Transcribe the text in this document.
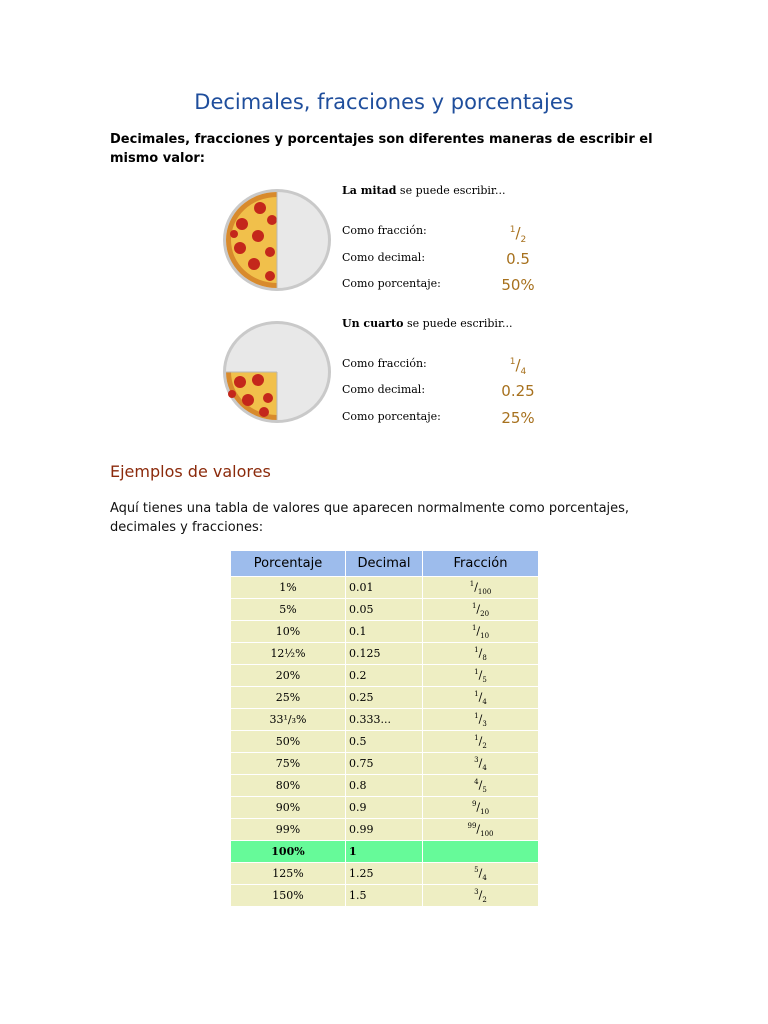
Decimales, fracciones y porcentajes

Decimales, fracciones y porcentajes son diferentes maneras de escribir el mismo valor:

La mitad se puede escribir...
Como fracción:	$^1/_2$
Como decimal:	0.5
Como porcentaje:	50%
Un cuarto se puede escribir...
Como fracción:	$^1/_4$
Como decimal:	0.25
Como porcentaje:	25%
Ejemplos de valores

Aquí tienes una tabla de valores que aparecen normalmente como porcentajes, decimales y fracciones:

Porcentaje	Decimal	Fracción
1%	0.01	$^1/_{100}$
5%	0.05	$^1/_{20}$
10%	0.1	$^1/_{10}$
12½%	0.125	$^1/_8$
20%	0.2	$^1/_5$
25%	0.25	$^1/_4$
33¹/₃%	0.333...	$^1/_3$
50%	0.5	$^1/_2$
75%	0.75	$^3/_4$
80%	0.8	$^4/_5$
90%	0.9	$^9/_{10}$
99%	0.99	$^{99}/_{100}$
100%	1	
125%	1.25	$^5/_4$
150%	1.5	$^3/_2$
